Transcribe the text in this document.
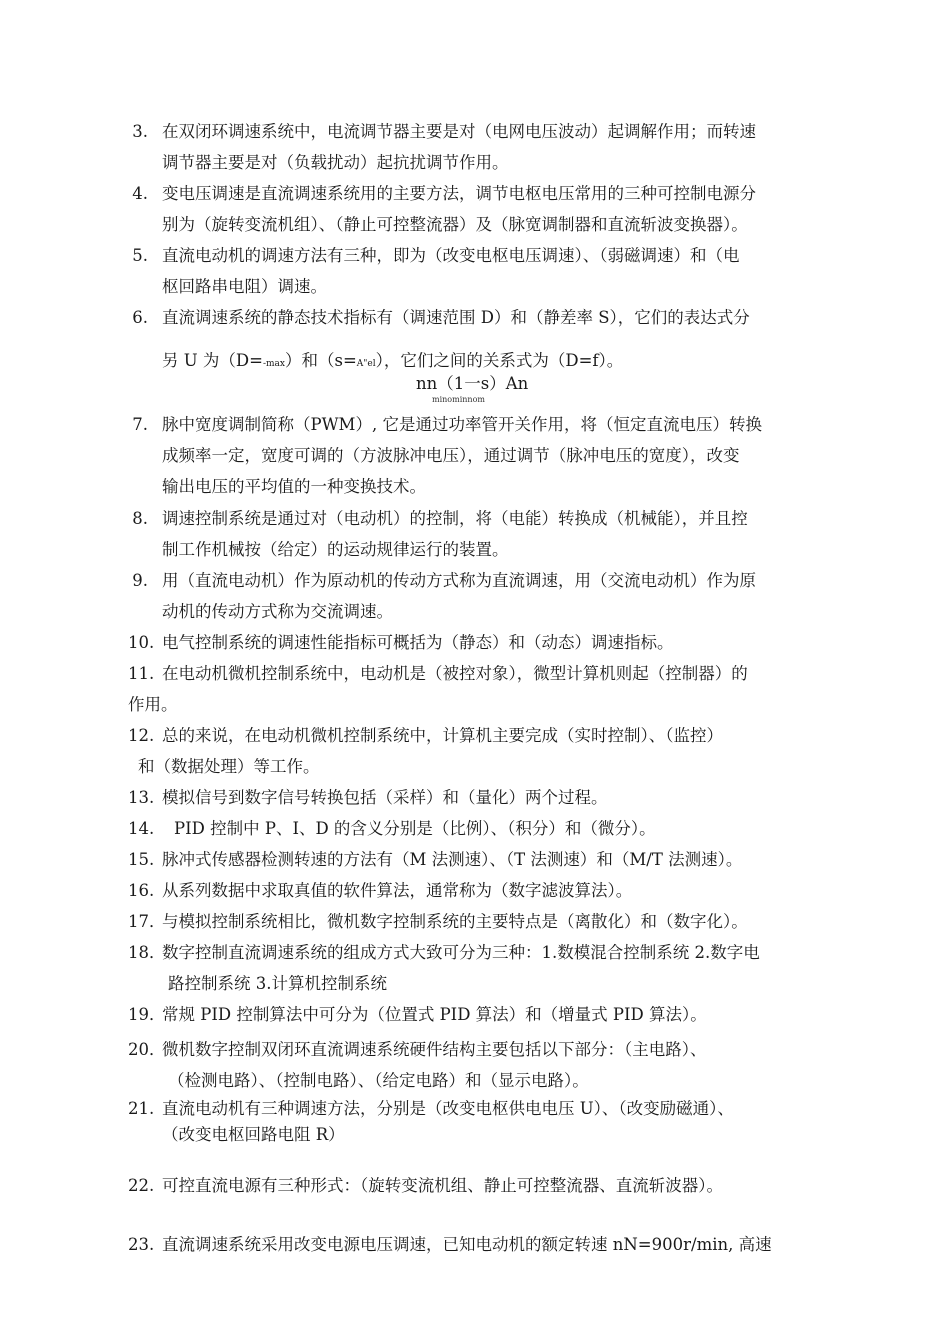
3. 在双闭环调速系统中，电流调节器主要是对（电网电压波动）起调解作用；而转速
调节器主要是对（负载扰动）起抗扰调节作用。
4. 变电压调速是直流调速系统用的主要方法，调节电枢电压常用的三种可控制电源分
别为（旋转变流机组）、（静止可控整流器）及（脉宽调制器和直流斩波变换器）。
5. 直流电动机的调速方法有三种，即为（改变电枢电压调速）、（弱磁调速）和（电
枢回路串电阻）调速。
6. 直流调速系统的静态技术指标有（调速范围 D）和（静差率 S），它们的表达式分
另 U 为（D=-max）和（s=A"el），它们之间的关系式为（D=f）。
nn（1一s）An
minominnom
7. 脉中宽度调制简称（PWM）, 它是通过功率管开关作用，将（恒定直流电压）转换
成频率一定，宽度可调的（方波脉冲电压），通过调节（脉冲电压的宽度），改变
输出电压的平均值的一种变换技术。
8. 调速控制系统是通过对（电动机）的控制，将（电能）转换成（机械能），并且控
制工作机械按（给定）的运动规律运行的装置。
9. 用（直流电动机）作为原动机的传动方式称为直流调速，用（交流电动机）作为原
动机的传动方式称为交流调速。
10. 电气控制系统的调速性能指标可概括为（静态）和（动态）调速指标。
11. 在电动机微机控制系统中，电动机是（被控对象），微型计算机则起（控制器）的
作用。
12. 总的来说，在电动机微机控制系统中，计算机主要完成（实时控制）、（监控）
和（数据处理）等工作。
13. 模拟信号到数字信号转换包括（采样）和（量化）两个过程。
14. PID 控制中 P、I、D 的含义分别是（比例）、（积分）和（微分）。
15. 脉冲式传感器检测转速的方法有（M 法测速）、（T 法测速）和（M/T 法测速）。
16. 从系列数据中求取真值的软件算法，通常称为（数字滤波算法）。
17．与模拟控制系统相比，微机数字控制系统的主要特点是（离散化）和（数字化）。
18．数字控制直流调速系统的组成方式大致可分为三种：1.数模混合控制系统 2.数字电
路控制系统 3.计算机控制系统
19．常规 PID 控制算法中可分为（位置式 PID 算法）和（增量式 PID 算法）。
20．微机数字控制双闭环直流调速系统硬件结构主要包括以下部分：（主电路）、
（检测电路）、（控制电路）、（给定电路）和（显示电路）。
21. 直流电动机有三种调速方法，分别是（改变电枢供电电压 U）、（改变励磁通）、
（改变电枢回路电阻 R）
22. 可控直流电源有三种形式：（旋转变流机组、静止可控整流器、直流斩波器）。
23. 直流调速系统采用改变电源电压调速，已知电动机的额定转速 nN=900r/min, 高速
